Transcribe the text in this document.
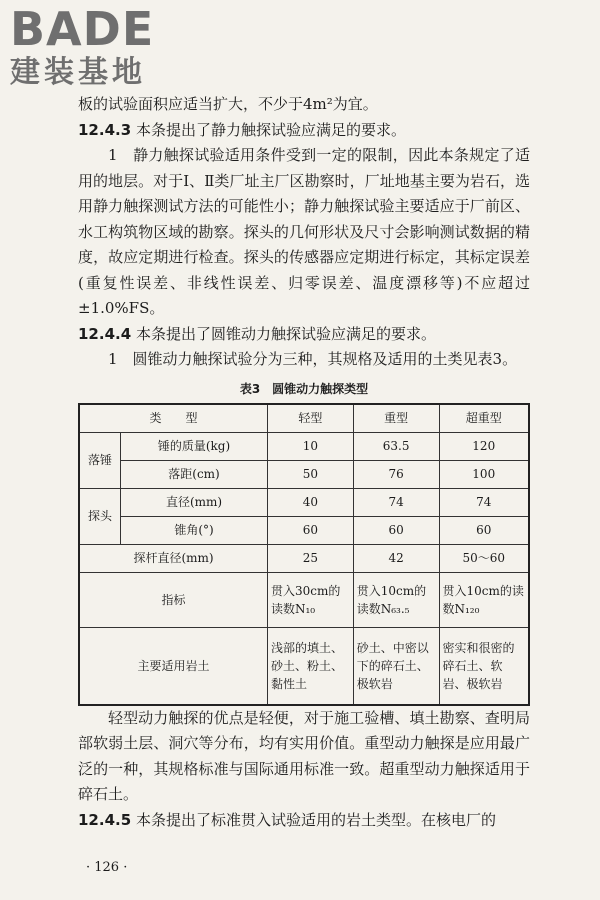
BADE
建装基地

板的试验面积应适当扩大，不少于4m²为宜。

12.4.3 本条提出了静力触探试验应满足的要求。

1　静力触探试验适用条件受到一定的限制，因此本条规定了适用的地层。对于Ⅰ、Ⅱ类厂址主厂区勘察时，厂址地基主要为岩石，选用静力触探测试方法的可能性小；静力触探试验主要适应于厂前区、水工构筑物区域的勘察。探头的几何形状及尺寸会影响测试数据的精度，故应定期进行检查。探头的传感器应定期进行标定，其标定误差(重复性误差、非线性误差、归零误差、温度漂移等)不应超过±1.0%FS。

12.4.4 本条提出了圆锥动力触探试验应满足的要求。

1　圆锥动力触探试验分为三种，其规格及适用的土类见表3。

表3　圆锥动力触探类型
类　　型		轻型	重型	超重型
落锤	锤的质量(kg)	10	63.5	120
	落距(cm)	50	76	100
探头	直径(mm)	40	74	74
	锥角(°)	60	60	60
探杆直径(mm)		25	42	50～60
指标		贯入30cm的读数N₁₀	贯入10cm的读数N₆₃.₅	贯入10cm的读数N₁₂₀
主要适用岩土		浅部的填土、砂土、粉土、黏性土	砂土、中密以下的碎石土、极软岩	密实和很密的碎石土、软岩、极软岩

轻型动力触探的优点是轻便，对于施工验槽、填土勘察、查明局部软弱土层、洞穴等分布，均有实用价值。重型动力触探是应用最广泛的一种，其规格标准与国际通用标准一致。超重型动力触探适用于碎石土。

12.4.5 本条提出了标准贯入试验适用的岩土类型。在核电厂的

· 126 ·
